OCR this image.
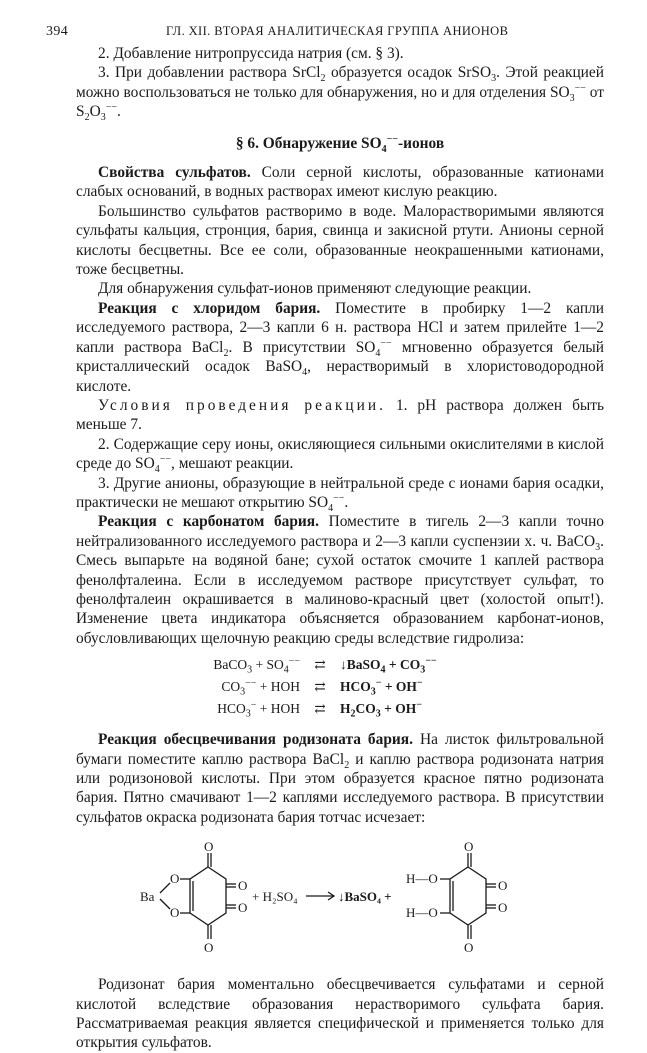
394	ГЛ. XII. ВТОРАЯ АНАЛИТИЧЕСКАЯ ГРУППА АНИОНОВ

2. Добавление нитропруссида натрия (см. § 3).

3. При добавлении раствора SrCl$_2$ образуется осадок SrSO$_3$. Этой реакцией можно воспользоваться не только для обнаружения, но и для отделения $SO_3^{--}$ от $S_2O_3^{--}$.

§ 6. Обнаружение $SO_4^{--}$-ионов

Свойства сульфатов. Соли серной кислоты, образованные катионами слабых оснований, в водных растворах имеют кислую реакцию.

Большинство сульфатов растворимо в воде. Малорастворимыми являются сульфаты кальция, стронция, бария, свинца и закисной ртути. Анионы серной кислоты бесцветны. Все ее соли, образованные неокрашенными катионами, тоже бесцветны.

Для обнаружения сульфат-ионов применяют следующие реакции.

Реакция с хлоридом бария. Поместите в пробирку 1—2 капли исследуемого раствора, 2—3 капли 6 н. раствора HCl и затем прилейте 1—2 капли раствора BaCl$_2$. В присутствии $SO_4^{--}$ мгновенно образуется белый кристаллический осадок BaSO$_4$, нерастворимый в хлористоводородной кислоте.

Условия проведения реакции. 1. pH раствора должен быть меньше 7.

2. Содержащие серу ионы, окисляющиеся сильными окислителями в кислой среде до $SO_4^{--}$, мешают реакции.

3. Другие анионы, образующие в нейтральной среде с ионами бария осадки, практически не мешают открытию $SO_4^{--}$.

Реакция с карбонатом бария. Поместите в тигель 2—3 капли точно нейтрализованного исследуемого раствора и 2—3 капли суспензии х. ч. BaCO$_3$. Смесь выпарьте на водяной бане; сухой остаток смочите 1 каплей раствора фенолфталеина. Если в исследуемом растворе присутствует сульфат, то фенолфталеин окрашивается в малиново-красный цвет (холостой опыт!). Изменение цвета индикатора объясняется образованием карбонат-ионов, обусловливающих щелочную реакцию среды вследствие гидролиза:

BaCO$_3$ + $SO_4^{--}$	⇄	↓BaSO$_4$ + $CO_3^{--}$
$CO_3^{--}$ + HOH	⇄	$HCO_3^- + OH^-$
$HCO_3^-$ + HOH	⇄	$H_2CO_3 + OH^-$

Реакция обесцвечивания родизоната бария. На листок фильтровальной бумаги поместите каплю раствора BaCl$_2$ и каплю раствора родизоната натрия или родизоновой кислоты. При этом образуется красное пятно родизоната бария. Пятно смачивают 1—2 каплями исследуемого раствора. В присутствии сульфатов окраска родизоната бария тотчас исчезает:

O
O
O
O
O
O
Ba	+ H₂SO₄	↓BaSO₄ +
O
O
O
O
H—O
H—O

Родизонат бария моментально обесцвечивается сульфатами и серной кислотой вследствие образования нерастворимого сульфата бария. Рассматриваемая реакция является специфической и применяется только для открытия сульфатов.
